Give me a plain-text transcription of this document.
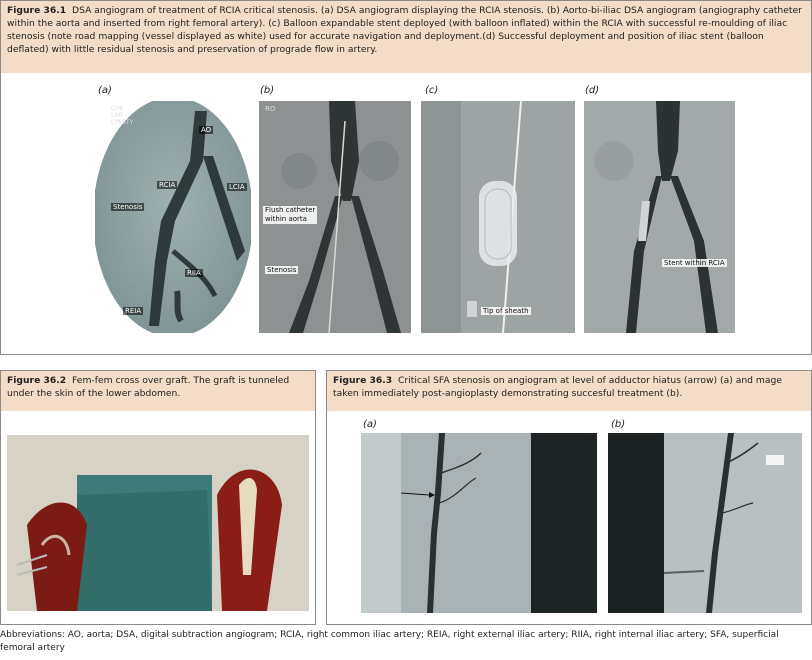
Figure 36.1 DSA angiogram of treatment of RCIA critical stenosis. (a) DSA angiogram displaying the RCIA stenosis. (b) Aorto-bi-iliac DSA angiogram (angiography catheter within the aorta and inserted from right femoral artery). (c) Balloon expandable stent deployed (with balloon inflated) within the RCIA with successful re-moulding of iliac stenosis (note road mapping (vessel displayed as white) used for accurate navigation and deployment.(d) Successful deployment and position of iliac stent (balloon deflated) with little residual stenosis and preservation of prograde flow in artery.
(a)
CHE
LAB
CPLSTY
AO
RCIA	LCIA
Stenosis
RIIA
REIA
(b)
RO
Flush catheter
within aorta
Stenosis
(c)
Tip of sheath
(d)
Stent within RCIA
Figure 36.2 Fem-fem cross over graft. The graft is tunneled under the skin of the lower abdomen.
Figure 36.3 Critical SFA stenosis on angiogram at level of adductor hiatus (arrow) (a) and mage taken immediately post-angioplasty demonstrating succesful treatment (b).
(a)	(b)
Abbreviations: AO, aorta; DSA, digital subtraction angiogram; RCIA, right common iliac artery; REIA, right external iliac artery; RIIA, right internal iliac artery; SFA, superficial femoral artery
